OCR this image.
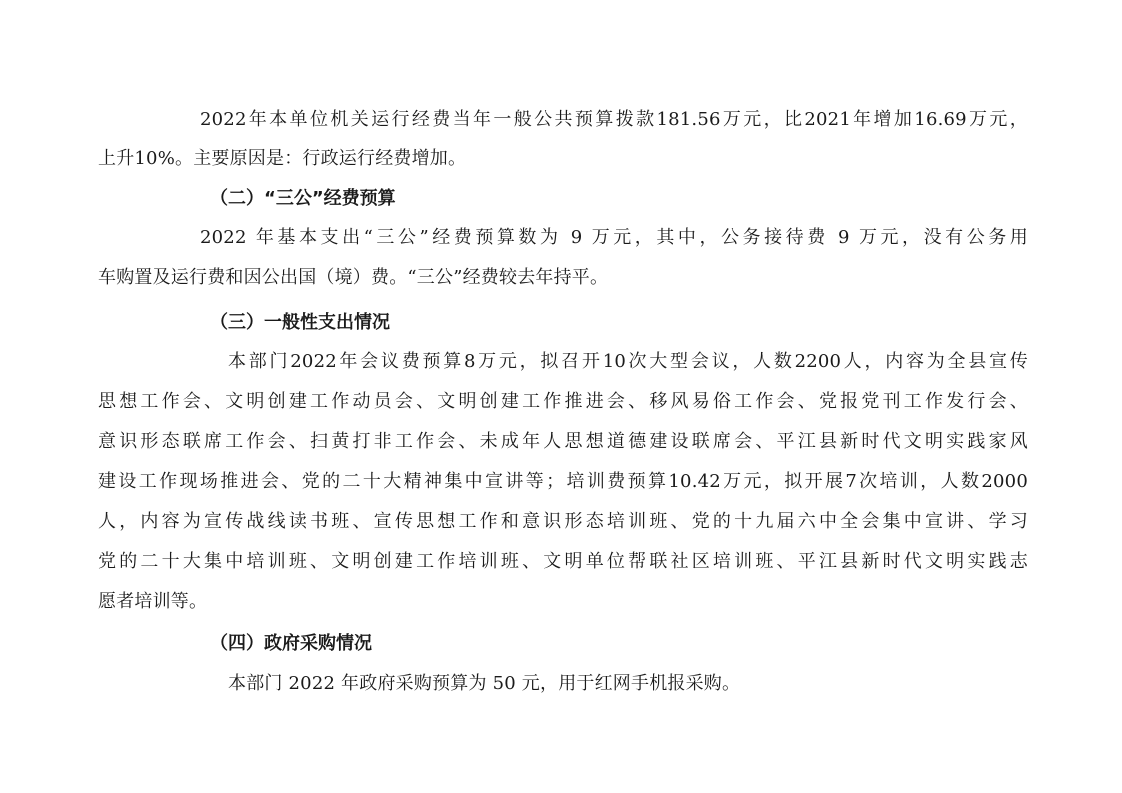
2022年本单位机关运行经费当年一般公共预算拨款181.56万元，比2021年增加16.69万元，
上升10%。主要原因是：行政运行经费增加。
（二）“三公”经费预算
2022 年基本支出“三公”经费预算数为 9 万元，其中，公务接待费 9 万元，没有公务用
车购置及运行费和因公出国（境）费。“三公”经费较去年持平。
（三）一般性支出情况
本部门2022年会议费预算8万元，拟召开10次大型会议，人数2200人，内容为全县宣传
思想工作会、文明创建工作动员会、文明创建工作推进会、移风易俗工作会、党报党刊工作发行会、
意识形态联席工作会、扫黄打非工作会、未成年人思想道德建设联席会、平江县新时代文明实践家风
建设工作现场推进会、党的二十大精神集中宣讲等；培训费预算10.42万元，拟开展7次培训，人数2000
人，内容为宣传战线读书班、宣传思想工作和意识形态培训班、党的十九届六中全会集中宣讲、学习
党的二十大集中培训班、文明创建工作培训班、文明单位帮联社区培训班、平江县新时代文明实践志
愿者培训等。
（四）政府采购情况
本部门 2022 年政府采购预算为 50 元，用于红网手机报采购。
